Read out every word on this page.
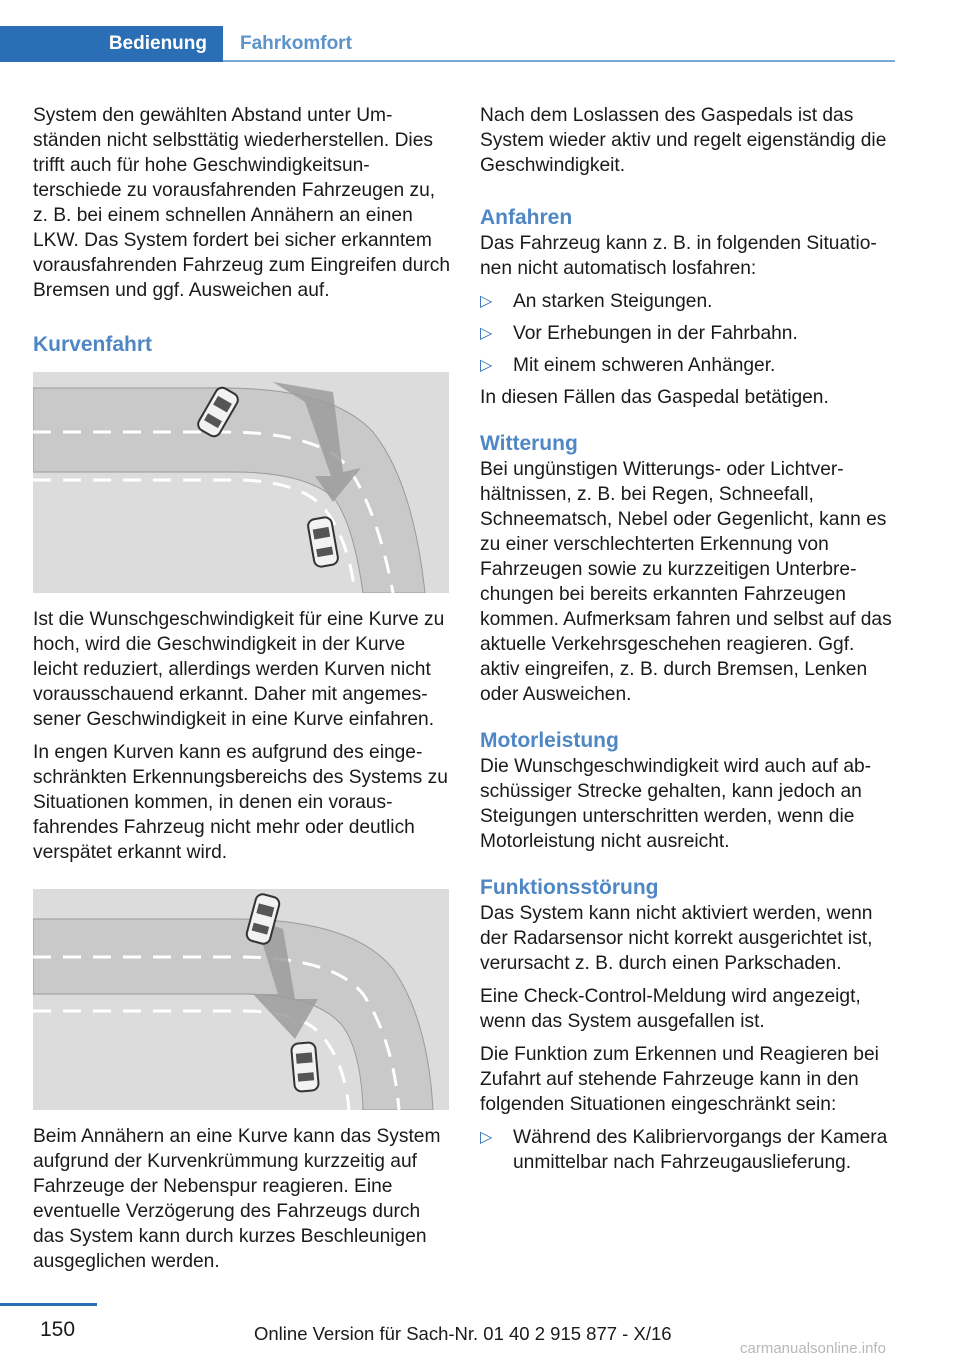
Bedienung	Fahrkomfort

System den gewählten Abstand unter Umständen nicht selbsttätig wiederherstellen. Dies trifft auch für hohe Geschwindigkeitsunterschiede zu vorausfahrenden Fahrzeugen zu, z. B. bei einem schnellen Annähern an einen LKW. Das System fordert bei sicher erkanntem vorausfahrenden Fahrzeug zum Eingreifen durch Bremsen und ggf. Ausweichen auf.

Kurvenfahrt

Ist die Wunschgeschwindigkeit für eine Kurve zu hoch, wird die Geschwindigkeit in der Kurve leicht reduziert, allerdings werden Kurven nicht vorausschauend erkannt. Daher mit angemessener Geschwindigkeit in eine Kurve einfahren.

In engen Kurven kann es aufgrund des eingeschränkten Erkennungsbereichs des Systems zu Situationen kommen, in denen ein vorausfahrendes Fahrzeug nicht mehr oder deutlich verspätet erkannt wird.

Beim Annähern an eine Kurve kann das System aufgrund der Kurvenkrümmung kurzzeitig auf Fahrzeuge der Nebenspur reagieren. Eine eventuelle Verzögerung des Fahrzeugs durch das System kann durch kurzes Beschleunigen ausgeglichen werden.

Nach dem Loslassen des Gaspedals ist das System wieder aktiv und regelt eigenständig die Geschwindigkeit.

Anfahren

Das Fahrzeug kann z. B. in folgenden Situationen nicht automatisch losfahren:

▷ An starken Steigungen.
▷ Vor Erhebungen in der Fahrbahn.
▷ Mit einem schweren Anhänger.

In diesen Fällen das Gaspedal betätigen.

Witterung

Bei ungünstigen Witterungs- oder Lichtverhältnissen, z. B. bei Regen, Schneefall, Schneematsch, Nebel oder Gegenlicht, kann es zu einer verschlechterten Erkennung von Fahrzeugen sowie zu kurzzeitigen Unterbrechungen bei bereits erkannten Fahrzeugen kommen. Aufmerksam fahren und selbst auf das aktuelle Verkehrsgeschehen reagieren. Ggf. aktiv eingreifen, z. B. durch Bremsen, Lenken oder Ausweichen.

Motorleistung

Die Wunschgeschwindigkeit wird auch auf abschüssiger Strecke gehalten, kann jedoch an Steigungen unterschritten werden, wenn die Motorleistung nicht ausreicht.

Funktionsstörung

Das System kann nicht aktiviert werden, wenn der Radarsensor nicht korrekt ausgerichtet ist, verursacht z. B. durch einen Parkschaden.

Eine Check-Control-Meldung wird angezeigt, wenn das System ausgefallen ist.

Die Funktion zum Erkennen und Reagieren bei Zufahrt auf stehende Fahrzeuge kann in den folgenden Situationen eingeschränkt sein:

▷ Während des Kalibriervorgangs der Kamera unmittelbar nach Fahrzeugauslieferung.
150	Online Version für Sach-Nr. 01 40 2 915 877 - X/16
carmanualsonline.info
